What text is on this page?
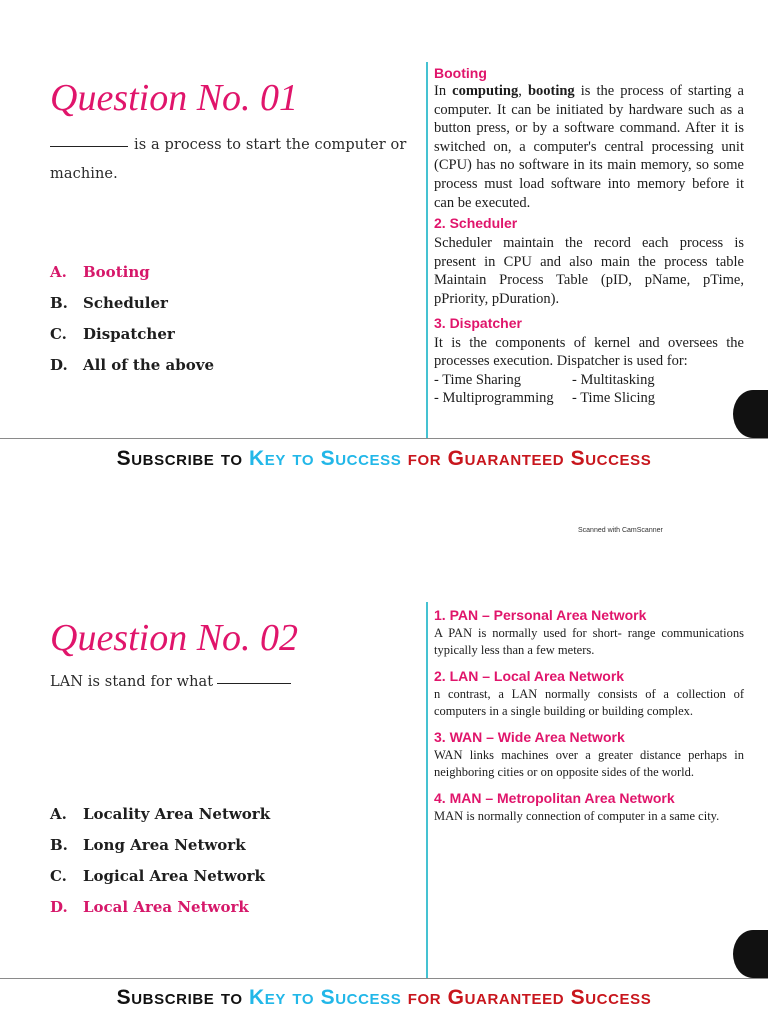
Question No. 01

is a process to start the computer or machine.

A. Booting
B. Scheduler
C. Dispatcher
D. All of the above
Booting

In computing, booting is the process of starting a computer. It can be initiated by hardware such as a button press, or by a software command. After it is switched on, a computer's central processing unit (CPU) has no software in its main memory, so some process must load software into memory before it can be executed.

2. Scheduler

Scheduler maintain the record each process is present in CPU and also main the process table Maintain Process Table (pID, pName, pTime, pPriority, pDuration).

3. Dispatcher

It is the components of kernel and oversees the processes execution. Dispatcher is used for:

- Time Sharing	- Multitasking
- Multiprogramming	- Time Slicing

Subscribe to Key to Success for Guaranteed Success

Scanned with CamScanner

Question No. 02

LAN is stand for what

A. Locality Area Network
B. Long Area Network
C. Logical Area Network
D. Local Area Network
1. PAN – Personal Area Network

A PAN is normally used for short- range communications typically less than a few meters.

2. LAN – Local Area Network

n contrast, a LAN normally consists of a collection of computers in a single building or building complex.

3. WAN – Wide Area Network

WAN links machines over a greater distance perhaps in neighboring cities or on opposite sides of the world.

4. MAN – Metropolitan Area Network

MAN is normally connection of computer in a same city.

Subscribe to Key to Success for Guaranteed Success
